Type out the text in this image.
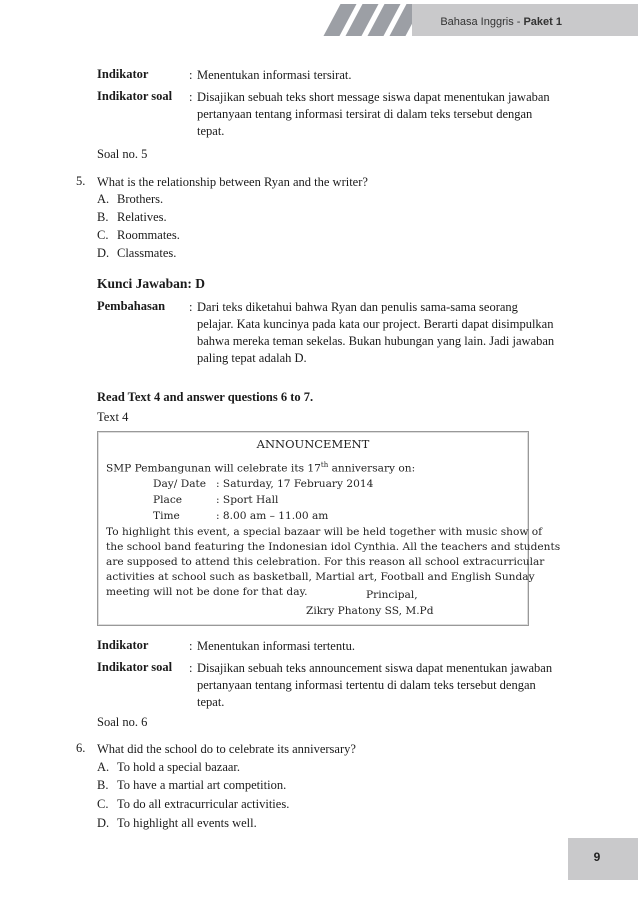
Bahasa Inggris - Paket 1
Indikator	: Menentukan informasi tersirat.
Indikator soal : Disajikan sebuah teks short message siswa dapat menentukan jawaban
pertanyaan tentang informasi tersirat di dalam teks tersebut dengan
tepat.
Soal no. 5
5. What is the relationship between Ryan and the writer?
A. Brothers.
B. Relatives.
C. Roommates.
D. Classmates.
Kunci Jawaban: D
Pembahasan : Dari teks diketahui bahwa Ryan dan penulis sama-sama seorang
pelajar. Kata kuncinya pada kata our project. Berarti dapat disimpulkan
bahwa mereka teman sekelas. Bukan hubungan yang lain. Jadi jawaban
paling tepat adalah D.
Read Text 4 and answer questions 6 to 7.
Text 4
ANNOUNCEMENT
SMP Pembangunan will celebrate its 17th anniversary on:
Day/ Date : Saturday, 17 February 2014
Place	: Sport Hall
Time	: 8.00 am – 11.00 am
To highlight this event, a special bazaar will be held together with music show of
the school band featuring the Indonesian idol Cynthia. All the teachers and students
are supposed to attend this celebration. For this reason all school extracurricular
activities at school such as basketball, Martial art, Football and English Sunday
meeting will not be done for that day.	Principal,
Zikry Phatony SS, M.Pd
Indikator	: Menentukan informasi tertentu.
Indikator soal : Disajikan sebuah teks announcement siswa dapat menentukan jawaban
pertanyaan tentang informasi tertentu di dalam teks tersebut dengan
tepat.
Soal no. 6
6. What did the school do to celebrate its anniversary?
A. To hold a special bazaar.
B. To have a martial art competition.
C. To do all extracurricular activities.
D. To highlight all events well.
9
